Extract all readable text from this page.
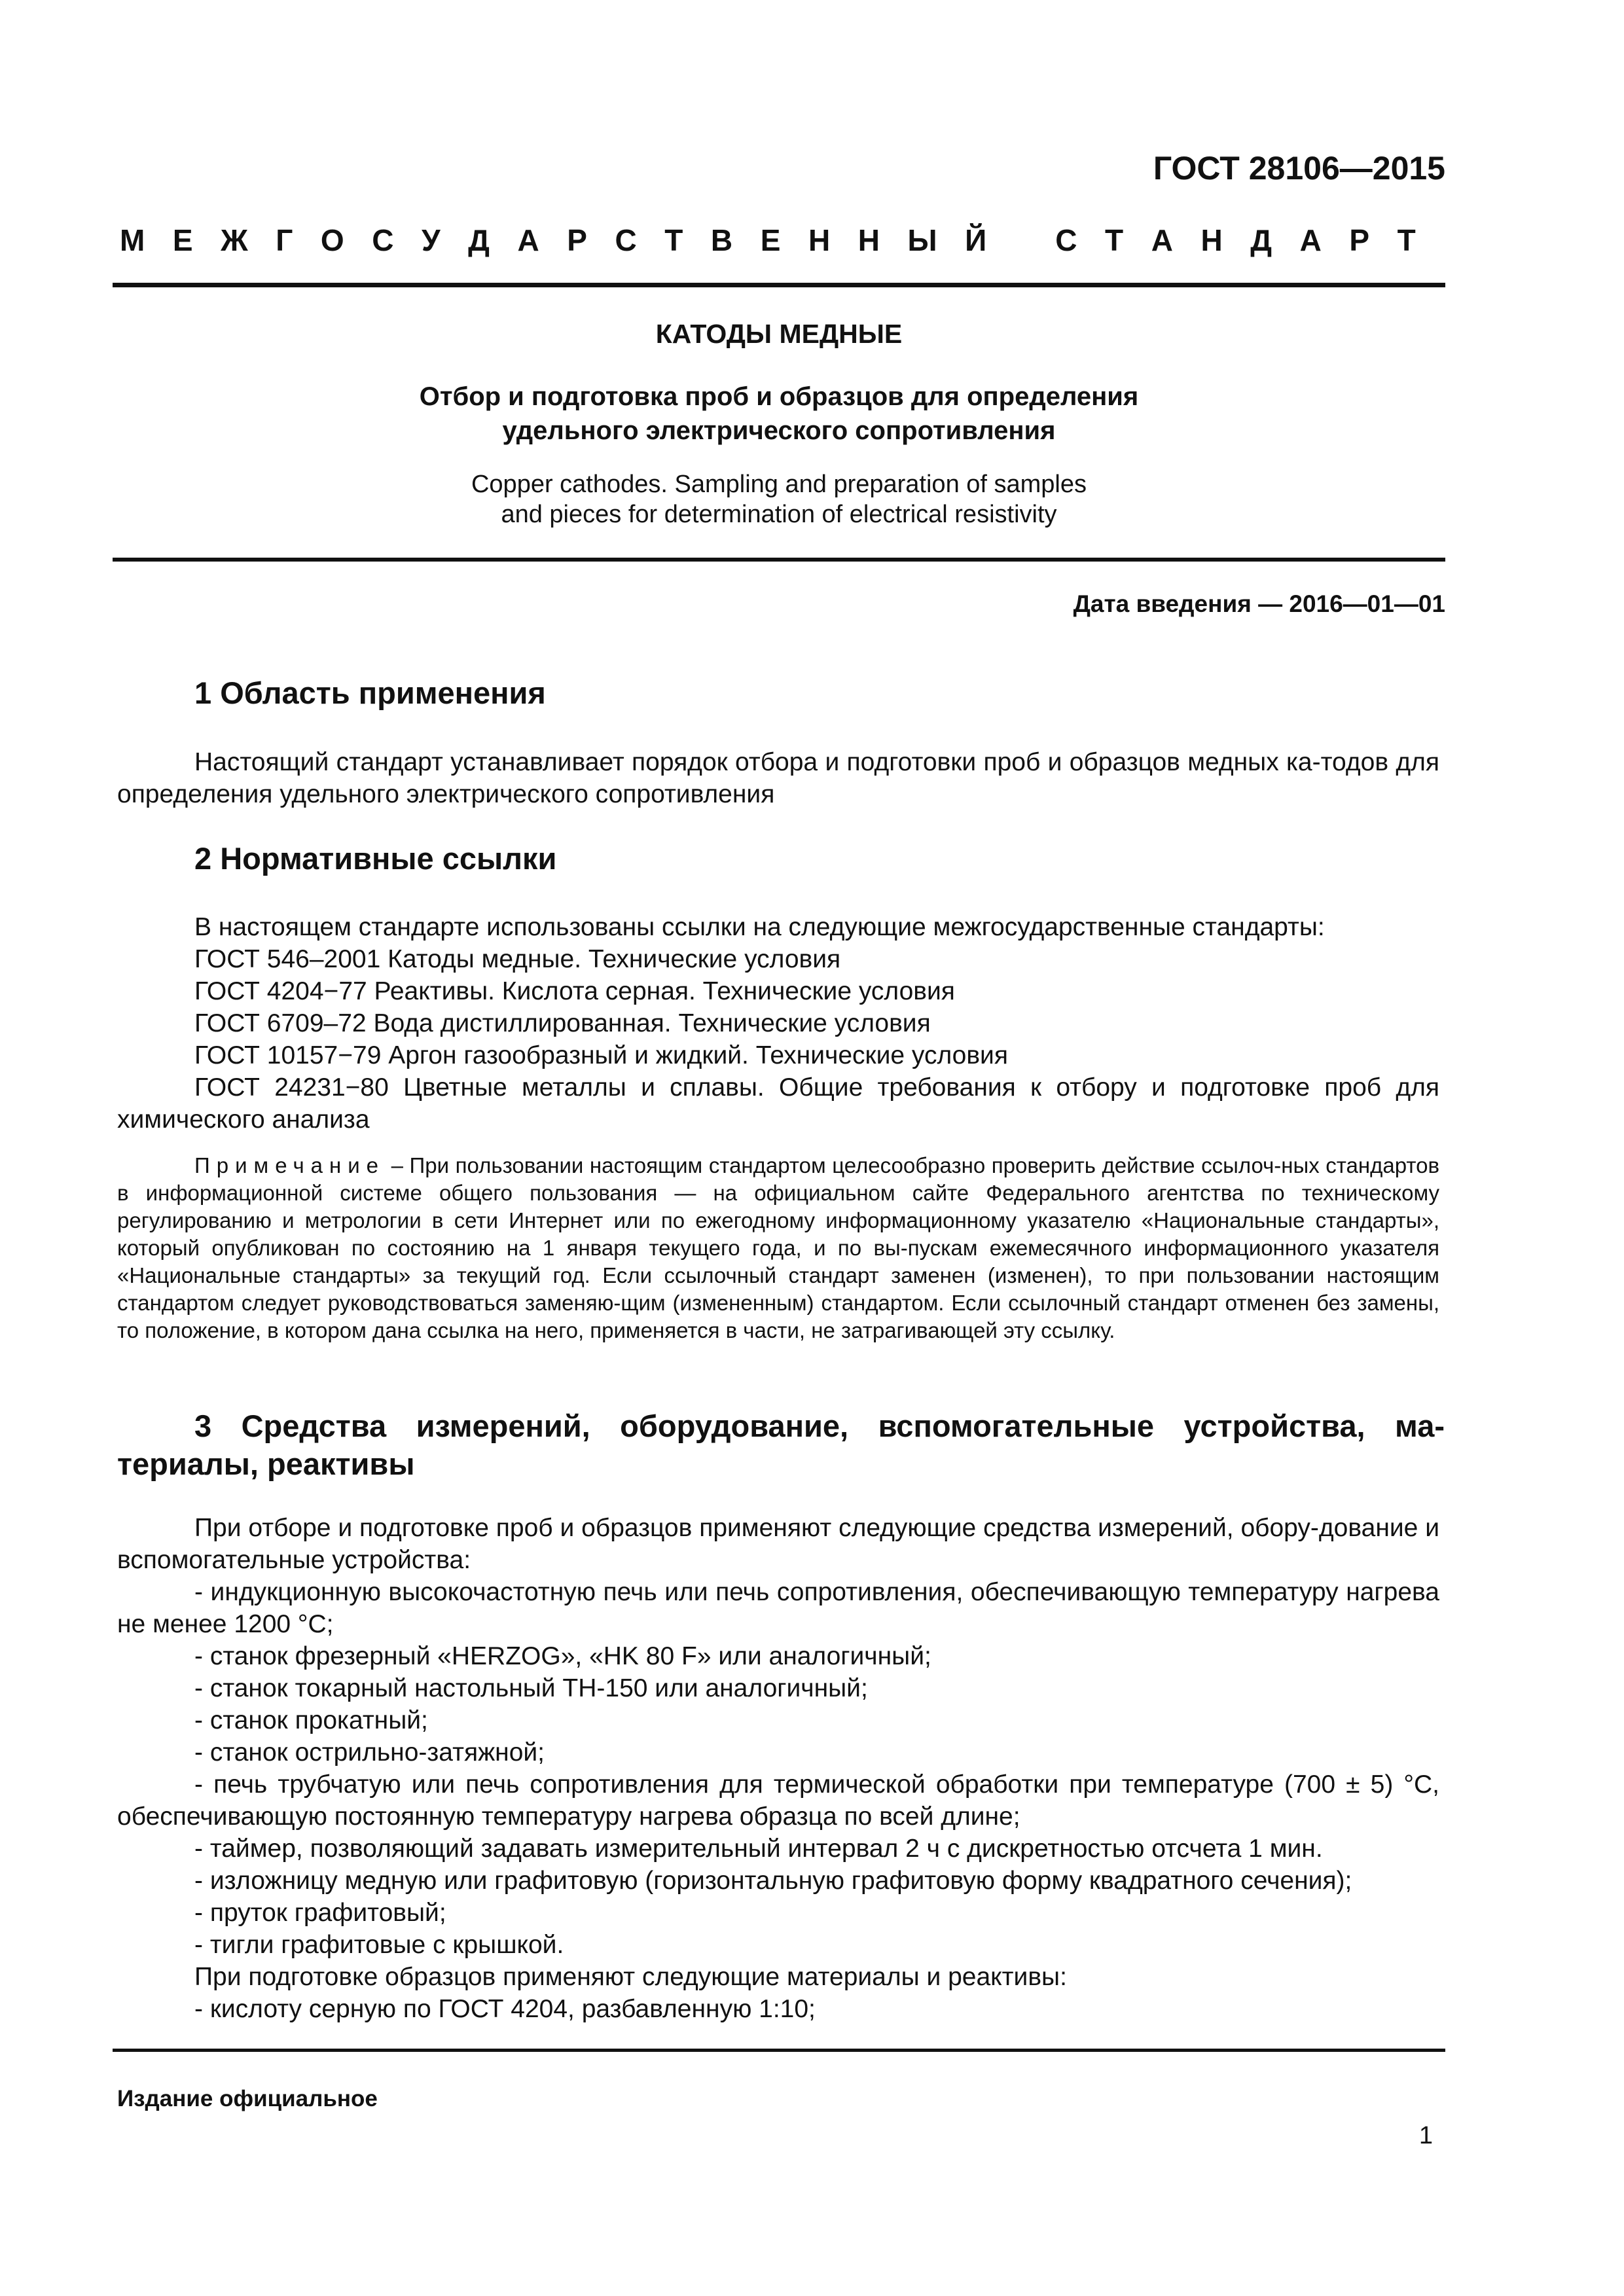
ГОСТ 28106—2015
М Е Ж Г О С У Д А Р С Т В Е Н Н Ы Й С Т А Н Д А Р Т
КАТОДЫ МЕДНЫЕ
Отбор и подготовка проб и образцов для определения
удельного электрического сопротивления
Copper cathodes. Sampling and preparation of samples
and pieces for determination of electrical resistivity
Дата введения — 2016—01—01
1 Область применения

Настоящий стандарт устанавливает порядок отбора и подготовки проб и образцов медных ка-тодов для определения удельного электрического сопротивления

2 Нормативные ссылки
В настоящем стандарте использованы ссылки на следующие межгосударственные стандарты:
ГОСТ 546–2001 Катоды медные. Технические условия
ГОСТ 4204−77 Реактивы. Кислота серная. Технические условия
ГОСТ 6709–72 Вода дистиллированная. Технические условия
ГОСТ 10157−79 Аргон газообразный и жидкий. Технические условия

ГОСТ 24231−80 Цветные металлы и сплавы. Общие требования к отбору и подготовке проб для химического анализа

Примечание – При пользовании настоящим стандартом целесообразно проверить действие ссылоч-ных стандартов в информационной системе общего пользования — на официальном сайте Федерального агентства по техническому регулированию и метрологии в сети Интернет или по ежегодному информационному указателю «Национальные стандарты», который опубликован по состоянию на 1 января текущего года, и по вы-пускам ежемесячного информационного указателя «Национальные стандарты» за текущий год. Если ссылочный стандарт заменен (изменен), то при пользовании настоящим стандартом следует руководствоваться заменяю-щим (измененным) стандартом. Если ссылочный стандарт отменен без замены, то положение, в котором дана ссылка на него, применяется в части, не затрагивающей эту ссылку.

3 Средства измерений, оборудование, вспомогательные устройства, ма-
териалы, реактивы

При отборе и подготовке проб и образцов применяют следующие средства измерений, обору-дование и вспомогательные устройства:

- индукционную высокочастотную печь или печь сопротивления, обеспечивающую температуру нагрева не менее 1200 °С;

- станок фрезерный «HERZOG», «HK 80 F» или аналогичный;
- станок токарный настольный ТН-150 или аналогичный;
- станок прокатный;
- станок острильно-затяжной;

- печь трубчатую или печь сопротивления для термической обработки при температуре (700 ± 5) °С, обеспечивающую постоянную температуру нагрева образца по всей длине;

- таймер, позволяющий задавать измерительный интервал 2 ч с дискретностью отсчета 1 мин.
- изложницу медную или графитовую (горизонтальную графитовую форму квадратного сечения);
- пруток графитовый;
- тигли графитовые с крышкой.
При подготовке образцов применяют следующие материалы и реактивы:
- кислоту серную по ГОСТ 4204, разбавленную 1:10;
Издание официальное
1
